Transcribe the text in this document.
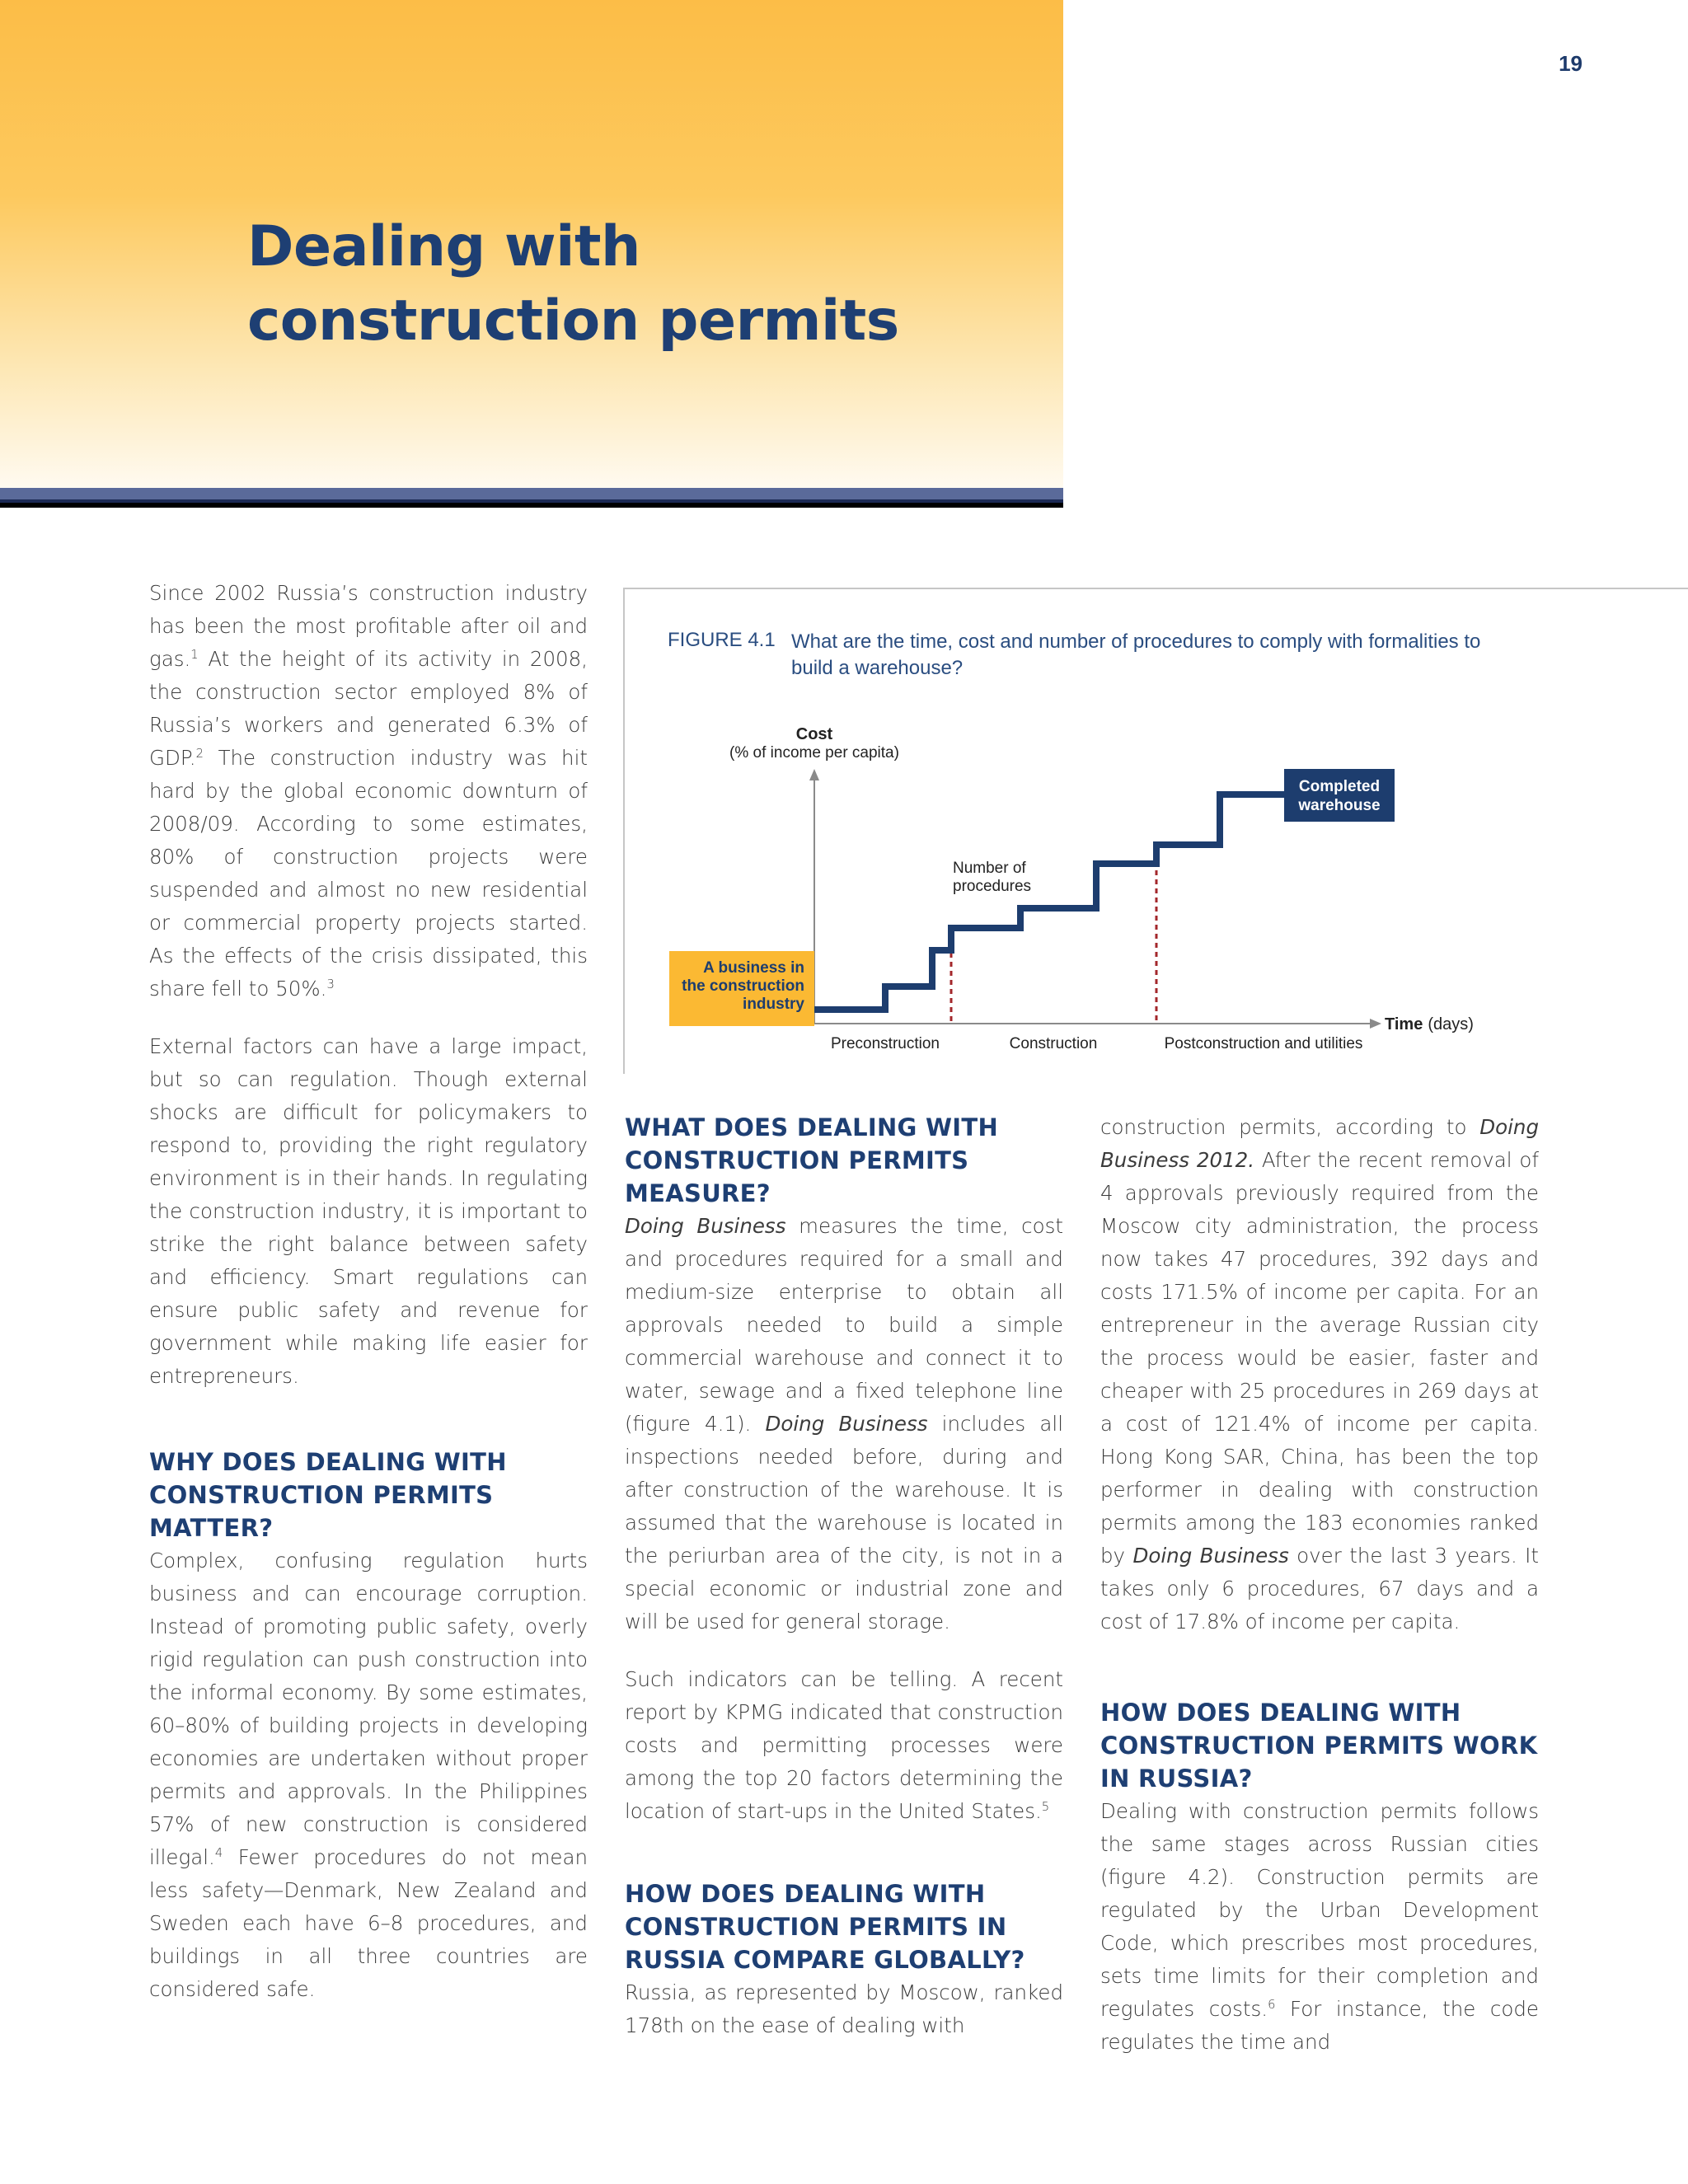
19
Dealing with
construction permits

Since 2002 Russia’s construction industry has been the most profitable after oil and gas.$^1$ At the height of its activity in 2008, the construction sector employed 8% of Russia’s workers and generated 6.3% of GDP.$^2$ The construction industry was hit hard by the global economic downturn of 2008/09. According to some estimates, 80% of construction projects were suspended and almost no new residential or commercial property projects started. As the effects of the crisis dissipated, this share fell to 50%.$^3$

External factors can have a large impact, but so can regulation. Though external shocks are difficult for policymakers to respond to, providing the right regulatory environment is in their hands. In regulating the construction industry, it is important to strike the right balance between safety and efficiency. Smart regulations can ensure public safety and revenue for government while making life easier for entrepreneurs.

WHY DOES DEALING WITH CONSTRUCTION PERMITS MATTER?

Complex, confusing regulation hurts business and can encourage corruption. Instead of promoting public safety, overly rigid regulation can push construction into the informal economy. By some estimates, 60–80% of building projects in developing economies are undertaken without proper permits and approvals. In the Philippines 57% of new construction is considered illegal.$^4$ Fewer procedures do not mean less safety—Denmark, New Zealand and Sweden each have 6–8 procedures, and buildings in all three countries are considered safe.

FIGURE 4.1 What are the time, cost and number of procedures to comply with formalities to build a warehouse?
Cost
(% of income per capita)
Time (days)
A business in
the construction
industry
Completed
warehouse
Number of
procedures
Preconstruction	Construction	Postconstruction and utilities
WHAT DOES DEALING WITH CONSTRUCTION PERMITS MEASURE?

Doing Business measures the time, cost and procedures required for a small and medium-size enterprise to obtain all approvals needed to build a simple commercial warehouse and connect it to water, sewage and a fixed telephone line (figure 4.1). Doing Business includes all inspections needed before, during and after construction of the warehouse. It is assumed that the warehouse is located in the periurban area of the city, is not in a special economic or industrial zone and will be used for general storage.

Such indicators can be telling. A recent report by KPMG indicated that construction costs and permitting processes were among the top 20 factors determining the location of start-ups in the United States.$^5$

HOW DOES DEALING WITH CONSTRUCTION PERMITS IN RUSSIA COMPARE GLOBALLY?

Russia, as represented by Moscow, ranked 178th on the ease of dealing with

construction permits, according to Doing Business 2012. After the recent removal of 4 approvals previously required from the Moscow city administration, the process now takes 47 procedures, 392 days and costs 171.5% of income per capita. For an entrepreneur in the average Russian city the process would be easier, faster and cheaper with 25 procedures in 269 days at a cost of 121.4% of income per capita. Hong Kong SAR, China, has been the top performer in dealing with construction permits among the 183 economies ranked by Doing Business over the last 3 years. It takes only 6 procedures, 67 days and a cost of 17.8% of income per capita.

HOW DOES DEALING WITH CONSTRUCTION PERMITS WORK IN RUSSIA?

Dealing with construction permits follows the same stages across Russian cities (figure 4.2). Construction permits are regulated by the Urban Development Code, which prescribes most procedures, sets time limits for their completion and regulates costs.$^6$ For instance, the code regulates the time and
